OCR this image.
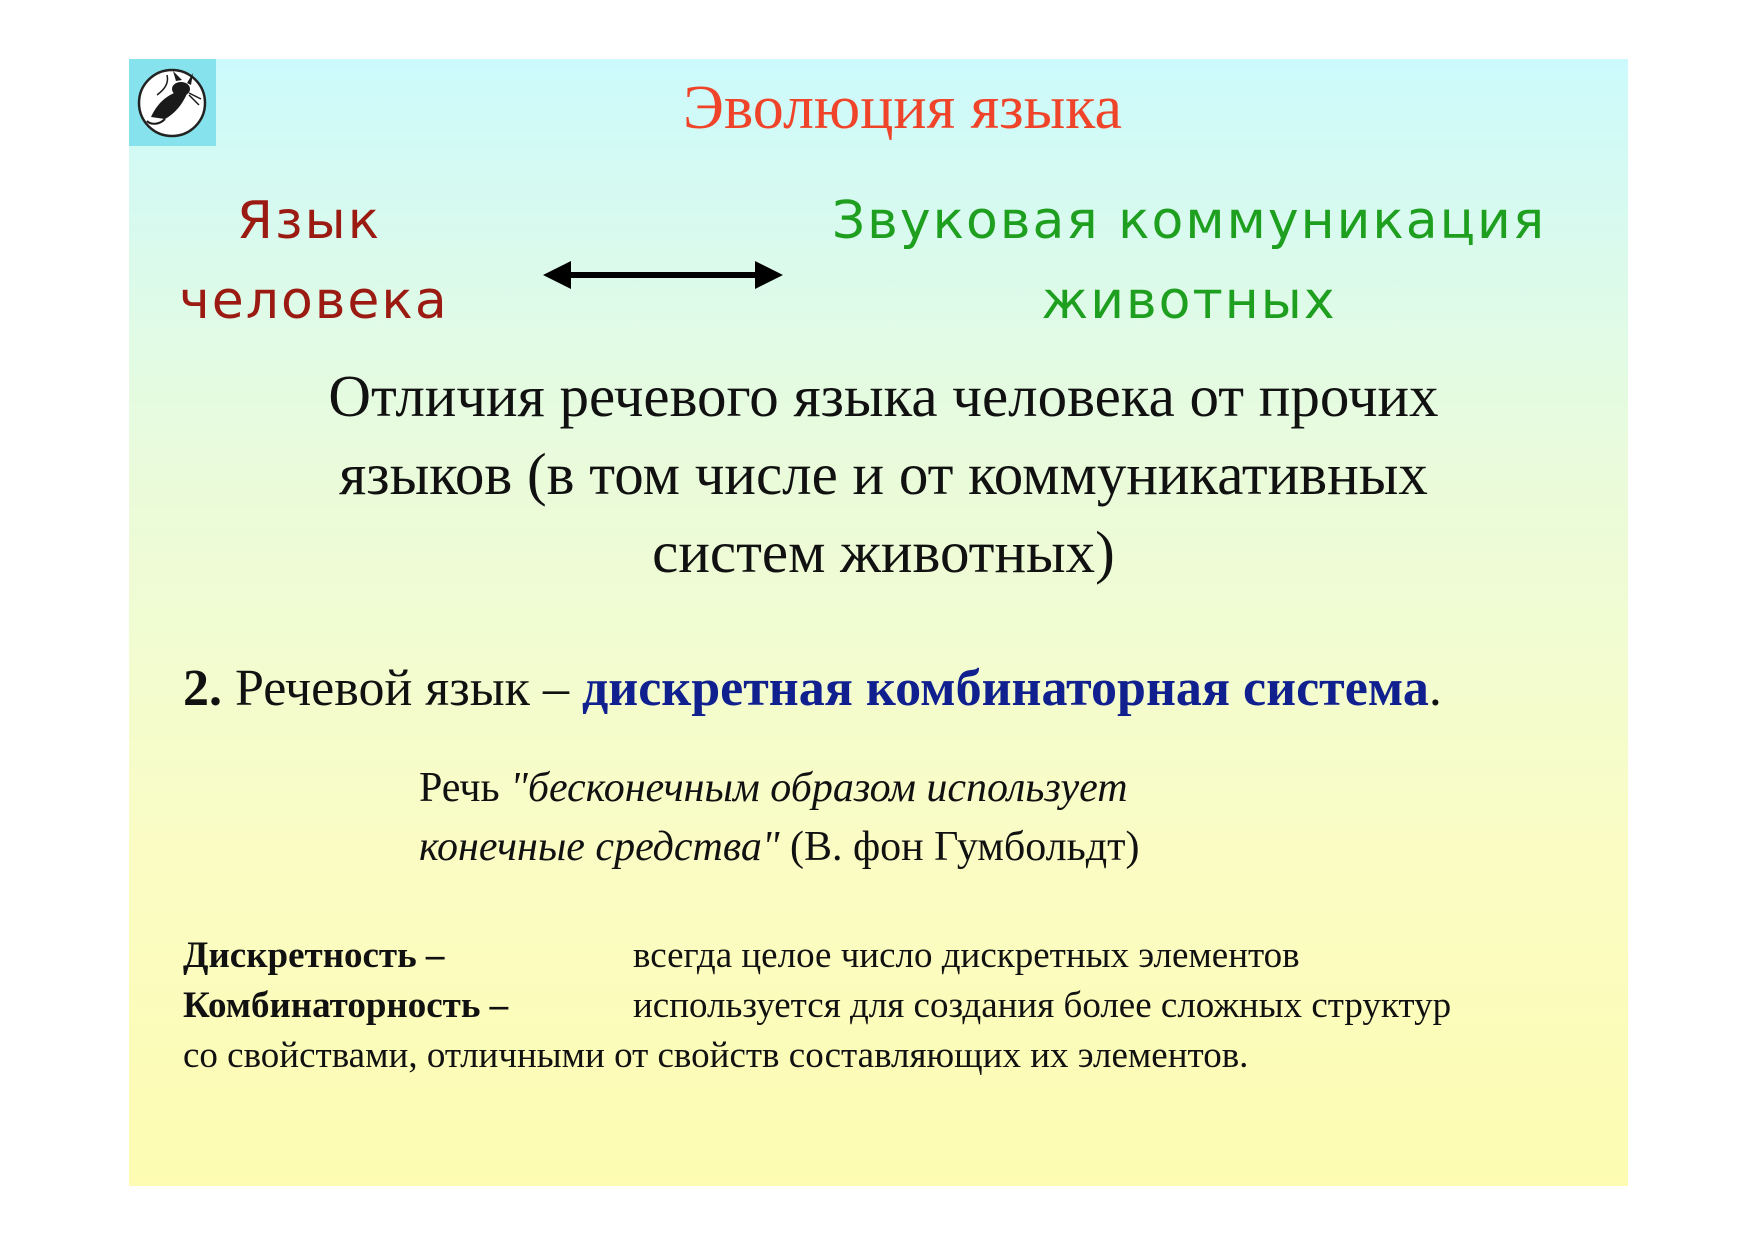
Эволюция языка
Язык
человека
Звуковая коммуникация
животных
Отличия речевого языка человека от прочих
языков (в том числе и от коммуникативных
систем животных)
2. Речевой язык – дискретная комбинаторная система.
Речь "бесконечным образом использует
конечные средства" (В. фон Гумбольдт)
Дискретность –	всегда целое число дискретных элементов
Комбинаторность –	используется для создания более сложных структур
со свойствами, отличными от свойств составляющих их элементов.
